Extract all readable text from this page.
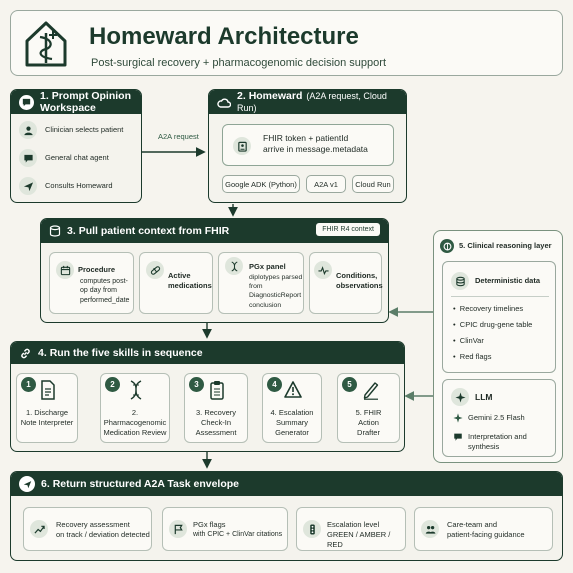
Homeward Architecture
Post-surgical recovery + pharmacogenomic decision support
1. Prompt Opinion Workspace
Clinician selects patient
General chat agent
Consults Homeward
A2A request
2. Homeward (A2A request, Cloud Run)
FHIR token + patientId
arrive in message.metadata
Google ADK (Python)	A2A v1	Cloud Run
3. Pull patient context from FHIR	FHIR R4 context
Procedure
computes post-op day from performed_date
Active medications
PGx panel
diplotypes parsed from DiagnosticReport conclusion
Conditions, observations
5. Clinical reasoning layer
Deterministic data
•  Recovery timelines
•  CPIC drug-gene table
•  ClinVar
•  Red flags
LLM
Gemini 2.5 Flash
Interpretation and synthesis
4. Run the five skills in sequence
1
1. Discharge Note Interpreter
2
2. Pharmacogenomic Medication Review
3
3. Recovery Check-In Assessment
4
4. Escalation Summary Generator
5
5. FHIR Action Drafter
6. Return structured A2A Task envelope
Recovery assessment
on track / deviation detected
PGx flags
with CPIC + ClinVar citations
Escalation level
GREEN / AMBER / RED
Care-team and
patient-facing guidance
